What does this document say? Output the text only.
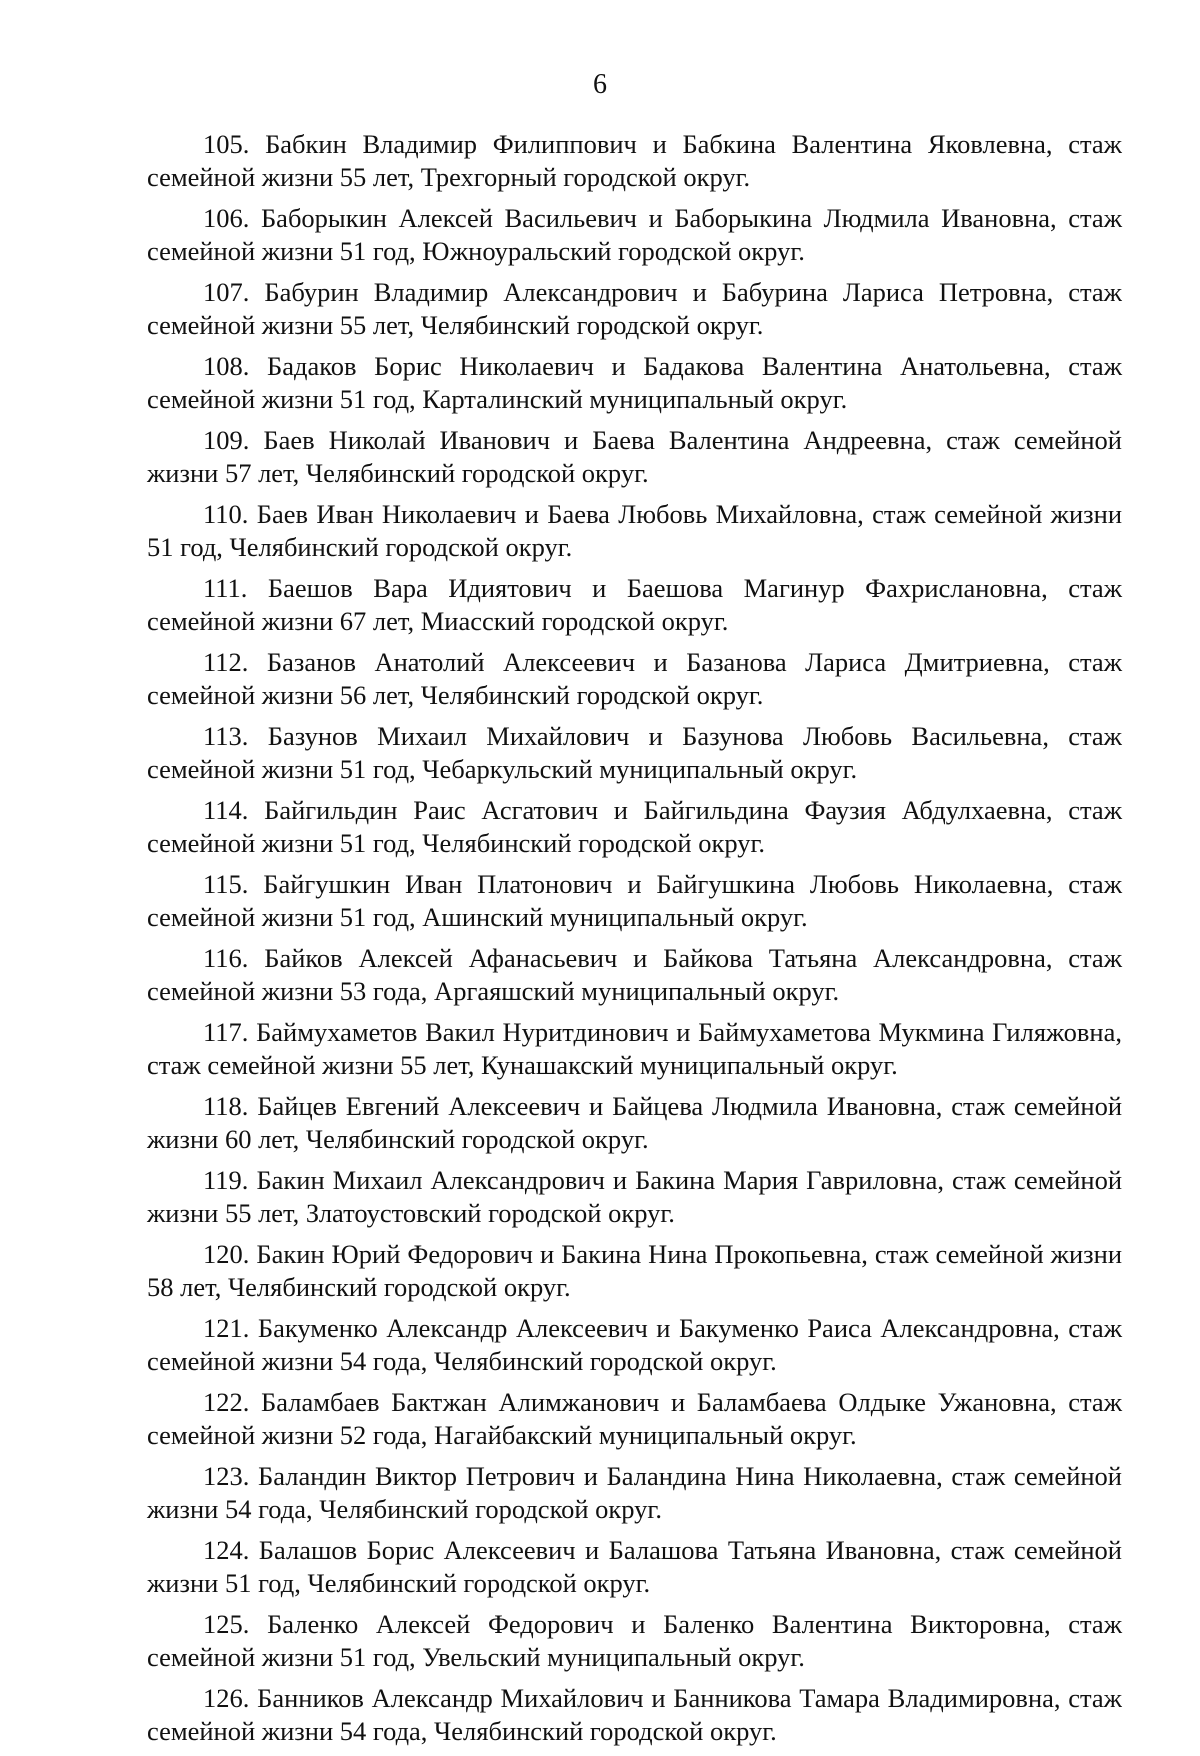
6

105. Бабкин Владимир Филиппович и Бабкина Валентина Яковлевна, стаж семейной жизни 55 лет, Трехгорный городской округ.

106. Баборыкин Алексей Васильевич и Баборыкина Людмила Ивановна, стаж семейной жизни 51 год, Южноуральский городской округ.

107. Бабурин Владимир Александрович и Бабурина Лариса Петровна, стаж семейной жизни 55 лет, Челябинский городской округ.

108. Бадаков Борис Николаевич и Бадакова Валентина Анатольевна, стаж семейной жизни 51 год, Карталинский муниципальный округ.

109. Баев Николай Иванович и Баева Валентина Андреевна, стаж семейной жизни 57 лет, Челябинский городской округ.

110. Баев Иван Николаевич и Баева Любовь Михайловна, стаж семейной жизни 51 год, Челябинский городской округ.

111. Баешов Вара Идиятович и Баешова Магинур Фахрислановна, стаж семейной жизни 67 лет, Миасский городской округ.

112. Базанов Анатолий Алексеевич и Базанова Лариса Дмитриевна, стаж семейной жизни 56 лет, Челябинский городской округ.

113. Базунов Михаил Михайлович и Базунова Любовь Васильевна, стаж семейной жизни 51 год, Чебаркульский муниципальный округ.

114. Байгильдин Раис Асгатович и Байгильдина Фаузия Абдулхаевна, стаж семейной жизни 51 год, Челябинский городской округ.

115. Байгушкин Иван Платонович и Байгушкина Любовь Николаевна, стаж семейной жизни 51 год, Ашинский муниципальный округ.

116. Байков Алексей Афанасьевич и Байкова Татьяна Александровна, стаж семейной жизни 53 года, Аргаяшский муниципальный округ.

117. Баймухаметов Вакил Нуритдинович и Баймухаметова Мукмина Гиляжовна, стаж семейной жизни 55 лет, Кунашакский муниципальный округ.

118. Байцев Евгений Алексеевич и Байцева Людмила Ивановна, стаж семейной жизни 60 лет, Челябинский городской округ.

119. Бакин Михаил Александрович и Бакина Мария Гавриловна, стаж семейной жизни 55 лет, Златоустовский городской округ.

120. Бакин Юрий Федорович и Бакина Нина Прокопьевна, стаж семейной жизни 58 лет, Челябинский городской округ.

121. Бакуменко Александр Алексеевич и Бакуменко Раиса Александровна, стаж семейной жизни 54 года, Челябинский городской округ.

122. Баламбаев Бактжан Алимжанович и Баламбаева Олдыке Ужановна, стаж семейной жизни 52 года, Нагайбакский муниципальный округ.

123. Баландин Виктор Петрович и Баландина Нина Николаевна, стаж семейной жизни 54 года, Челябинский городской округ.

124. Балашов Борис Алексеевич и Балашова Татьяна Ивановна, стаж семейной жизни 51 год, Челябинский городской округ.

125. Баленко Алексей Федорович и Баленко Валентина Викторовна, стаж семейной жизни 51 год, Увельский муниципальный округ.

126. Банников Александр Михайлович и Банникова Тамара Владимировна, стаж семейной жизни 54 года, Челябинский городской округ.
